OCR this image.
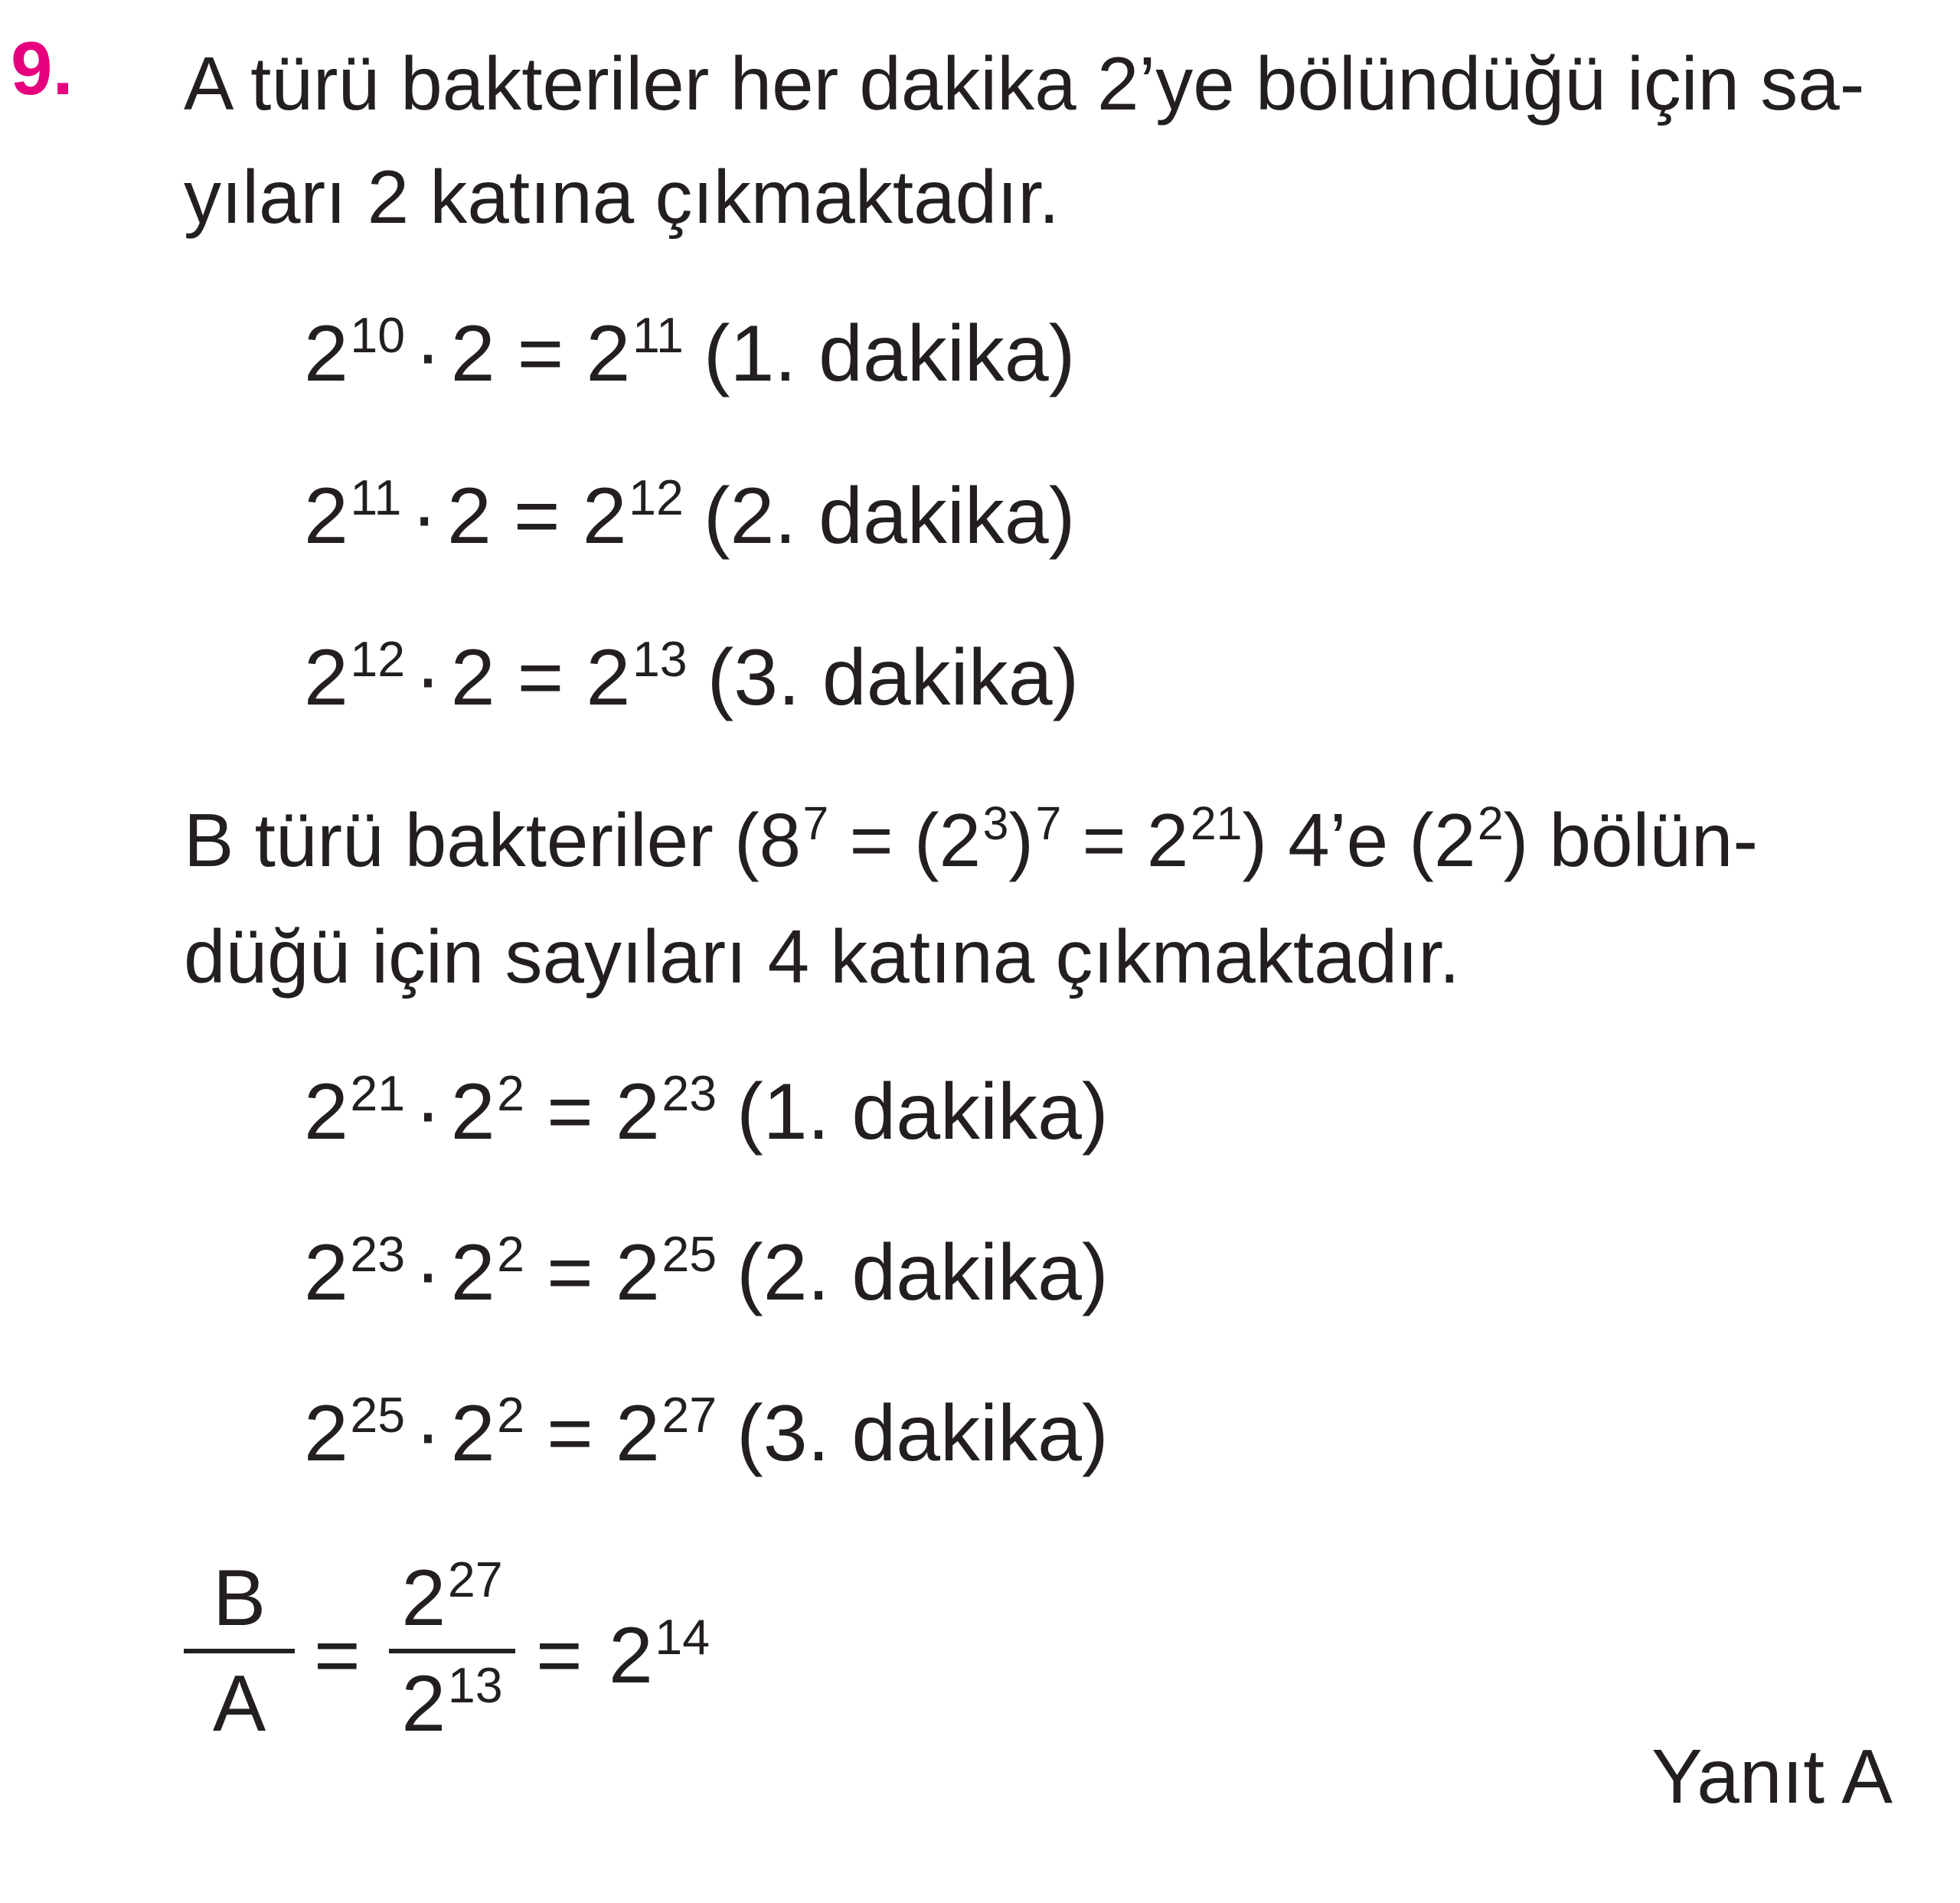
9. A türü bakteriler her dakika 2’ye bölündüğü için sa-
yıları 2 katına çıkmaktadır.
$2^{10} \cdot 2 = 2^{11}$ (1. dakika)
$2^{11} \cdot 2 = 2^{12}$ (2. dakika)
$2^{12} \cdot 2 = 2^{13}$ (3. dakika)
B türü bakteriler $(8^7 = (2^3)^7 = 2^{21})$ 4’e $(2^2)$ bölün-
düğü için sayıları 4 katına çıkmaktadır.
$2^{21} \cdot 2^2 = 2^{23}$ (1. dakika)
$2^{23} \cdot 2^2 = 2^{25}$ (2. dakika)
$2^{25} \cdot 2^2 = 2^{27}$ (3. dakika)
B
A
=
$2^{27}$
$2^{13} = 2^{14}$
Yanıt A
